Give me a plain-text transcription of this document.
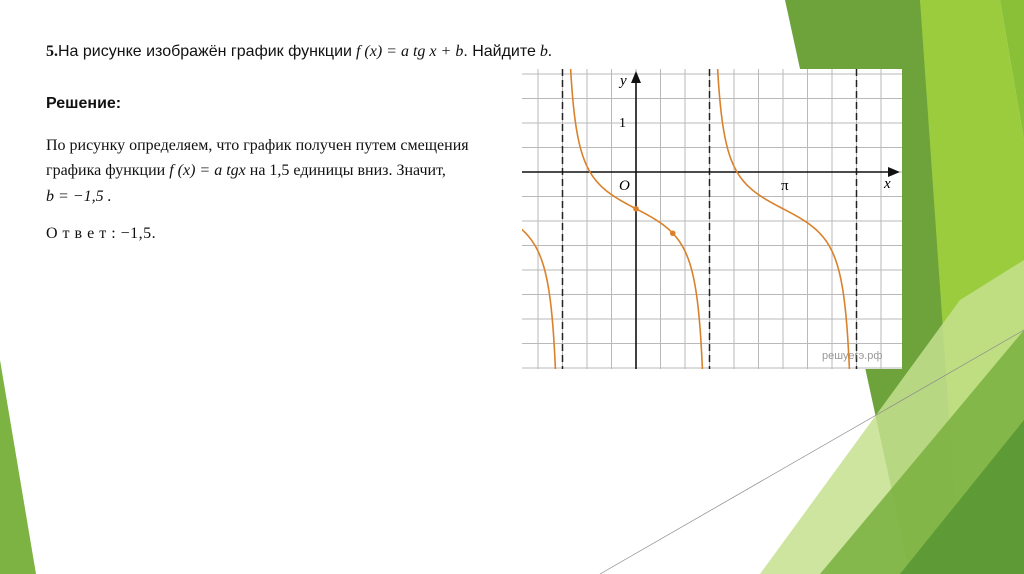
5.На рисунке изображён график функции f (x) = a tg x + b. Найдите b.
Решение:
По рисунку определяем, что график получен путем смещения
графика функции f (x) = a tgx на 1,5 единицы вниз. Значит,
b = −1,5 .
О т в е т : −1,5.
y
x
O
1
π
решуегэ.рф
